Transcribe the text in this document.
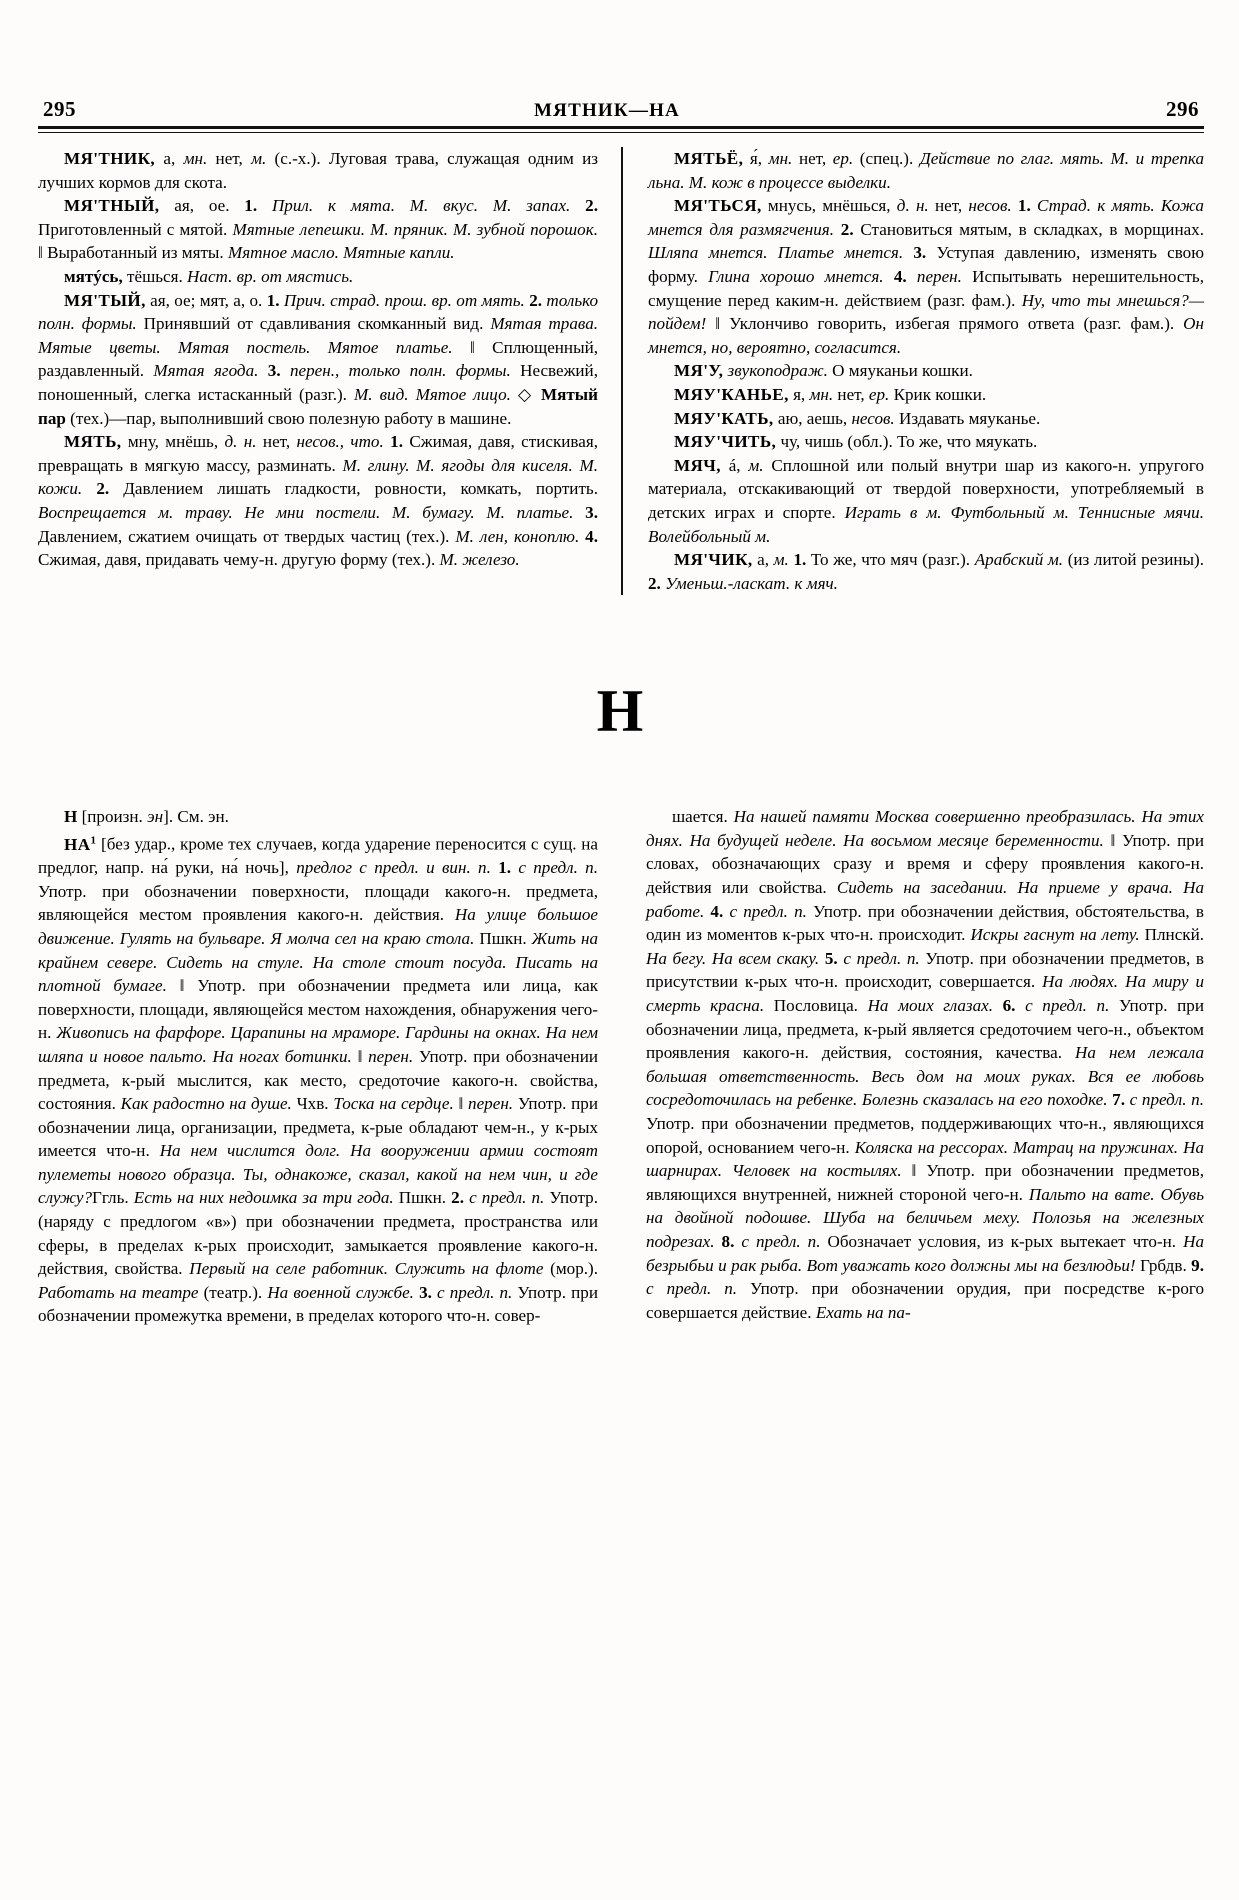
295	МЯТНИК—НА	296

МЯ'ТНИК, а, мн. нет, м. (с.-х.). Луговая трава, служащая одним из лучших кормов для скота.

МЯ'ТНЫЙ, ая, ое. 1. Прил. к мята. М. вкус. М. запах. 2. Приготовленный с мятой. Мятные лепешки. М. пряник. М. зубной порошок. ‖ Выработанный из мяты. Мятное масло. Мятные капли.

мятýсь, тёшься. Наст. вр. от мястись.

МЯ'ТЫЙ, ая, ое; мят, а, о. 1. Прич. страд. прош. вр. от мять. 2. только полн. формы. Принявший от сдавливания скомканный вид. Мятая трава. Мятые цветы. Мятая постель. Мятое платье. ‖ Сплющенный, раздавленный. Мятая ягода. 3. перен., только полн. формы. Несвежий, поношенный, слегка истасканный (разг.). М. вид. Мятое лицо. ◇ Мятый пар (тех.)—пар, выполнивший свою полезную работу в машине.

МЯТЬ, мну, мнёшь, д. н. нет, несов., что. 1. Сжимая, давя, стискивая, превращать в мягкую массу, разминать. М. глину. М. ягоды для киселя. М. кожи. 2. Давлением лишать гладкости, ровности, комкать, портить. Воспрещается м. траву. Не мни постели. М. бумагу. М. платье. 3. Давлением, сжатием очищать от твердых частиц (тех.). М. лен, коноплю. 4. Сжимая, давя, придавать чему-н. другую форму (тех.). М. железо.

МЯТЬЁ, я́, мн. нет, ер. (спец.). Действие по глаг. мять. М. и трепка льна. М. кож в процессе выделки.

МЯ'ТЬСЯ, мнусь, мнёшься, д. н. нет, несов. 1. Страд. к мять. Кожа мнется для размягчения. 2. Становиться мятым, в складках, в морщинах. Шляпа мнется. Платье мнется. 3. Уступая давлению, изменять свою форму. Глина хорошо мнется. 4. перен. Испытывать нерешительность, смущение перед каким-н. действием (разг. фам.). Ну, что ты мнешься?—пойдем! ‖ Уклончиво говорить, избегая прямого ответа (разг. фам.). Он мнется, но, вероятно, согласится.

МЯ'У, звукоподраж. О мяуканьи кошки.

МЯУ'КАНЬЕ, я, мн. нет, ер. Крик кошки.

МЯУ'КАТЬ, аю, аешь, несов. Издавать мяуканье.

МЯУ'ЧИТЬ, чу, чишь (обл.). То же, что мяукать.

МЯЧ, á, м. Сплошной или полый внутри шар из какого-н. упругого материала, отскакивающий от твердой поверхности, употребляемый в детских играх и спорте. Играть в м. Футбольный м. Теннисные мячи. Волейбольный м.

МЯ'ЧИК, а, м. 1. То же, что мяч (разг.). Арабский м. (из литой резины). 2. Уменьш.-ласкат. к мяч.

Н

Н [произн. эн]. См. эн.

$НА^1$ [без удар., кроме тех случаев, когда ударение переносится с сущ. на предлог, напр. на́ руки, на́ ночь], предлог с предл. и вин. п. 1. с предл. п. Употр. при обозначении поверхности, площади какого-н. предмета, являющейся местом проявления какого-н. действия. На улице большое движение. Гулять на бульваре. Я молча сел на краю стола. Пшкн. Жить на крайнем севере. Сидеть на стуле. На столе стоит посуда. Писать на плотной бумаге. ‖ Употр. при обозначении предмета или лица, как поверхности, площади, являющейся местом нахождения, обнаружения чего-н. Живопись на фарфоре. Царапины на мраморе. Гардины на окнах. На нем шляпа и новое пальто. На ногах ботинки. ‖ перен. Употр. при обозначении предмета, к-рый мыслится, как место, средоточие какого-н. свойства, состояния. Как радостно на душе. Чхв. Тоска на сердце. ‖ перен. Употр. при обозначении лица, организации, предмета, к-рые обладают чем-н., у к-рых имеется что-н. На нем числится долг. На вооружении армии состоят пулеметы нового образца. Ты, однакоже, сказал, какой на нем чин, и где служу?Ггль. Есть на них недоимка за три года. Пшкн. 2. с предл. п. Употр. (наряду с предлогом «в») при обозначении предмета, пространства или сферы, в пределах к-рых происходит, замыкается проявление какого-н. действия, свойства. Первый на селе работник. Служить на флоте (мор.). Работать на театре (театр.). На военной службе. 3. с предл. п. Употр. при обозначении промежутка времени, в пределах которого что-н. совер-

шается. На нашей памяти Москва совершенно преобразилась. На этих днях. На будущей неделе. На восьмом месяце беременности. ‖ Употр. при словах, обозначающих сразу и время и сферу проявления какого-н. действия или свойства. Сидеть на заседании. На приеме у врача. На работе. 4. с предл. п. Употр. при обозначении действия, обстоятельства, в один из моментов к-рых что-н. происходит. Искры гаснут на лету. Плнскй. На бегу. На всем скаку. 5. с предл. п. Употр. при обозначении предметов, в присутствии к-рых что-н. происходит, совершается. На людях. На миру и смерть красна. Пословица. На моих глазах. 6. с предл. п. Употр. при обозначении лица, предмета, к-рый является средоточием чего-н., объектом проявления какого-н. действия, состояния, качества. На нем лежала большая ответственность. Весь дом на моих руках. Вся ее любовь сосредоточилась на ребенке. Болезнь сказалась на его походке. 7. с предл. п. Употр. при обозначении предметов, поддерживающих что-н., являющихся опорой, основанием чего-н. Коляска на рессорах. Матрац на пружинах. На шарнирах. Человек на костылях. ‖ Употр. при обозначении предметов, являющихся внутренней, нижней стороной чего-н. Пальто на вате. Обувь на двойной подошве. Шуба на беличьем меху. Полозья на железных подрезах. 8. с предл. п. Обозначает условия, из к-рых вытекает что-н. На безрыбьи и рак рыба. Вот уважать кого должны мы на безлюдьи! Грбдв. 9. с предл. п. Употр. при обозначении орудия, при посредстве к-рого совершается действие. Ехать на па-
